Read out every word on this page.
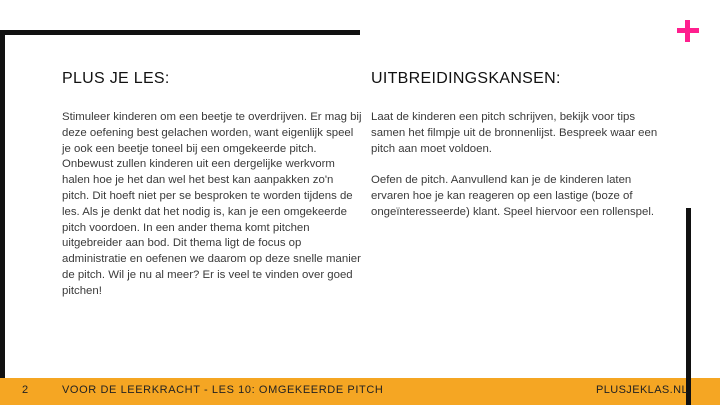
PLUS JE LES:	UITBREIDINGSKANSEN:

Stimuleer kinderen om een beetje te overdrijven. Er mag bij deze oefening best gelachen worden, want eigenlijk speel je ook een beetje toneel bij een omgekeerde pitch. Onbewust zullen kinderen uit een dergelijke werkvorm halen hoe je het dan wel het best kan aanpakken zo'n pitch. Dit hoeft niet per se besproken te worden tijdens de les. Als je denkt dat het nodig is, kan je een omgekeerde pitch voordoen. In een ander thema komt pitchen uitgebreider aan bod. Dit thema ligt de focus op administratie en oefenen we daarom op deze snelle manier de pitch. Wil je nu al meer? Er is veel te vinden over goed pitchen!

Laat de kinderen een pitch schrijven, bekijk voor tips samen het filmpje uit de bronnenlijst. Bespreek waar een pitch aan moet voldoen.

Oefen de pitch. Aanvullend kan je de kinderen laten ervaren hoe je kan reageren op een lastige (boze of ongeïnteresseerde) klant. Speel hiervoor een rollenspel.

2	VOOR DE LEERKRACHT - LES 10: OMGEKEERDE PITCH	PLUSJEKLAS.NL
